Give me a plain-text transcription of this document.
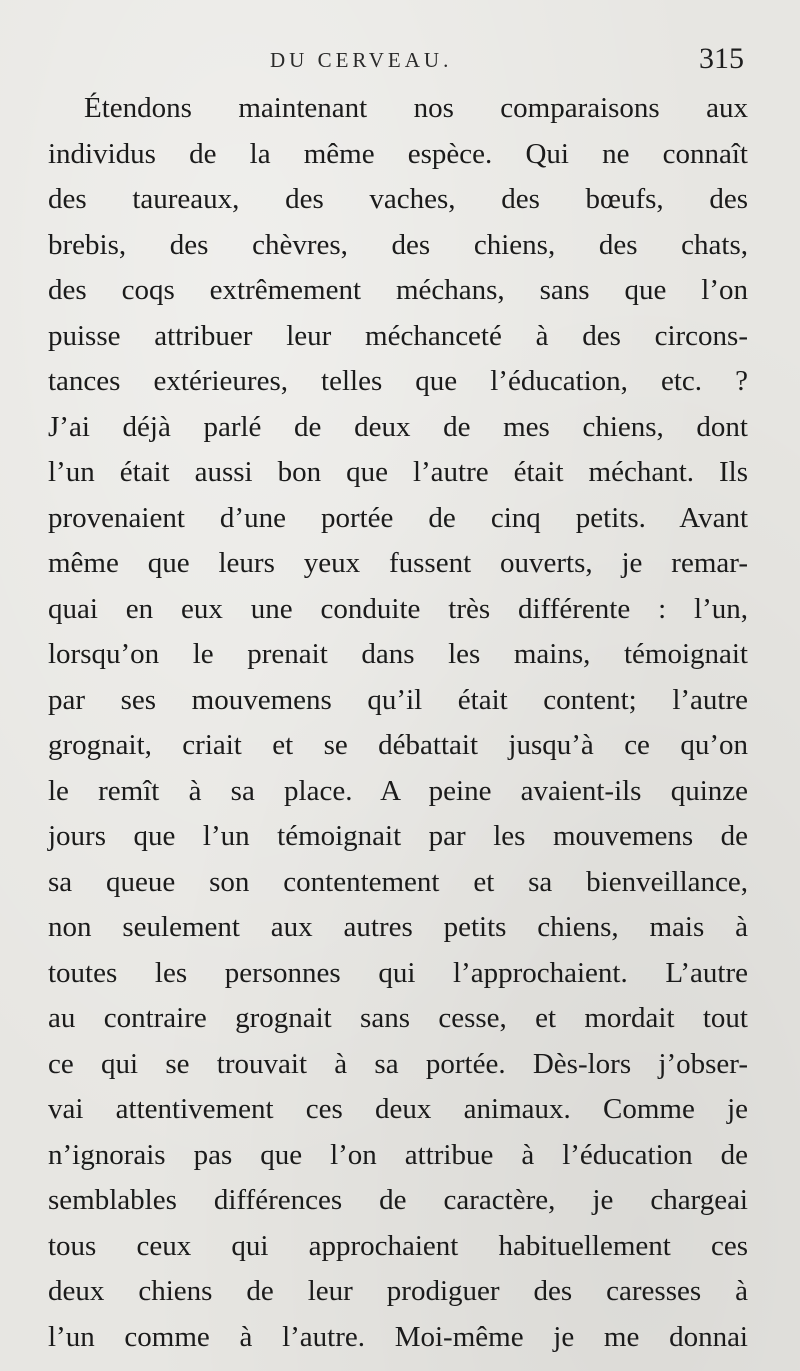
DU CERVEAU.	315
Étendons maintenant nos comparaisons aux
individus de la même espèce. Qui ne connaît
des taureaux, des vaches, des bœufs, des
brebis, des chèvres, des chiens, des chats,
des coqs extrêmement méchans, sans que l’on
puisse attribuer leur méchanceté à des circons-
tances extérieures, telles que l’éducation, etc. ?
J’ai déjà parlé de deux de mes chiens, dont
l’un était aussi bon que l’autre était méchant. Ils
provenaient d’une portée de cinq petits. Avant
même que leurs yeux fussent ouverts, je remar-
quai en eux une conduite très différente : l’un,
lorsqu’on le prenait dans les mains, témoignait
par ses mouvemens qu’il était content; l’autre
grognait, criait et se débattait jusqu’à ce qu’on
le remît à sa place. A peine avaient-ils quinze
jours que l’un témoignait par les mouvemens de
sa queue son contentement et sa bienveillance,
non seulement aux autres petits chiens, mais à
toutes les personnes qui l’approchaient. L’autre
au contraire grognait sans cesse, et mordait tout
ce qui se trouvait à sa portée. Dès-lors j’obser-
vai attentivement ces deux animaux. Comme je
n’ignorais pas que l’on attribue à l’éducation de
semblables différences de caractère, je chargeai
tous ceux qui approchaient habituellement ces
deux chiens de leur prodiguer des caresses à
l’un comme à l’autre. Moi-même je me donnai
